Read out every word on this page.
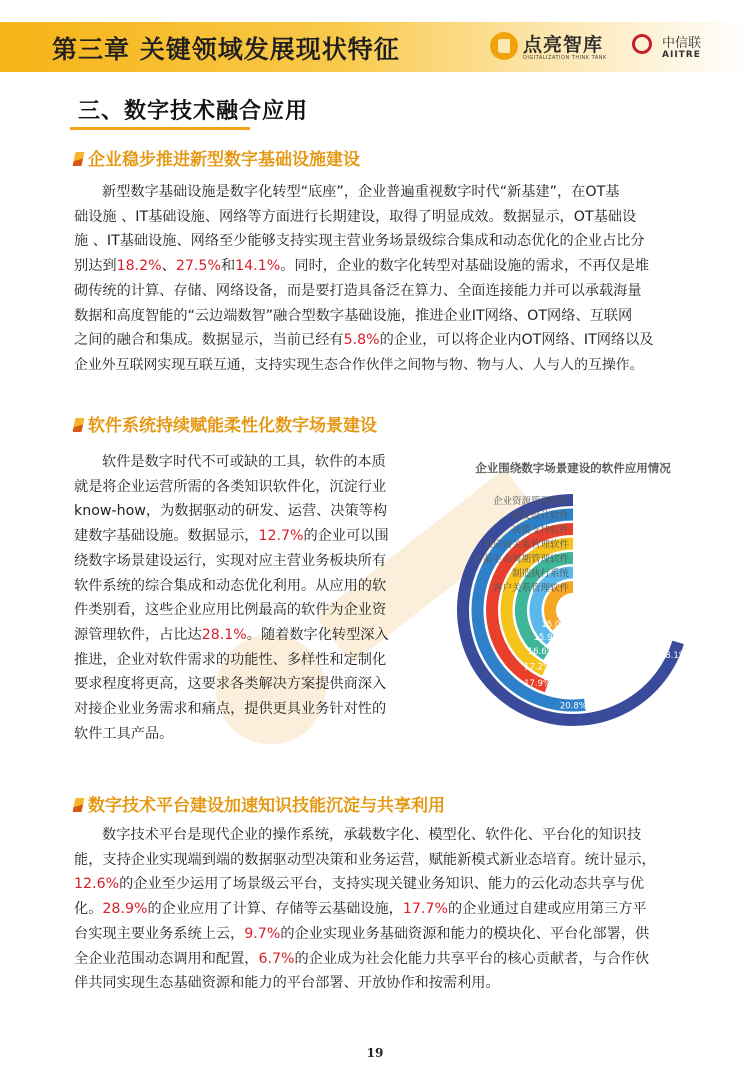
第三章 关键领域发展现状特征	点亮智库
DIGITALIZATION THINK TANK
中信联
AIITRE
三、数字技术融合应用
企业稳步推进新型数字基础设施建设
新型数字基础设施是数字化转型“底座”，企业普遍重视数字时代“新基建”，在OT基
础设施 、IT基础设施、网络等方面进行长期建设，取得了明显成效。数据显示，OT基础设
施 、IT基础设施、网络至少能够支持实现主营业务场景级综合集成和动态优化的企业占比分
别达到18.2%、27.5%和14.1%。同时，企业的数字化转型对基础设施的需求，不再仅是堆
砌传统的计算、存储、网络设备，而是要打造具备泛在算力、全面连接能力并可以承载海量
数据和高度智能的“云边端数智”融合型数字基础设施，推进企业IT网络、OT网络、互联网
之间的融合和集成。数据显示，当前已经有5.8%的企业，可以将企业内OT网络、IT网络以及
企业外互联网实现互联互通，支持实现生态合作伙伴之间物与物、物与人、人与人的互操作。
软件系统持续赋能柔性化数字场景建设
软件是数字时代不可或缺的工具，软件的本质
就是将企业运营所需的各类知识软件化，沉淀行业
know-how，为数据驱动的研发、运营、决策等构
建数字基础设施。数据显示，12.7%的企业可以围
绕数字场景建设运行，实现对应主营业务板块所有
软件系统的综合集成和动态优化利用。从应用的软
件类别看，这些企业应用比例最高的软件为企业资
源管理软件，占比达28.1%。随着数字化转型深入
推进，企业对软件需求的功能性、多样性和定制化
要求程度将更高，这要求各类解决方案提供商深入
对接企业业务需求和痛点，提供更具业务针对性的
软件工具产品。
企业围绕数字场景建设的软件应用情况
企业资源管理软件
28.1%
研发设计软件
20.8%
决策支持软件
17.9%
供应商关系管理软件
17.2%
产品生命周期管理软件
16.6%
制造执行系统
15.9%
客户关系管理软件
15.0%
数字技术平台建设加速知识技能沉淀与共享利用
数字技术平台是现代企业的操作系统，承载数字化、模型化、软件化、平台化的知识技
能，支持企业实现端到端的数据驱动型决策和业务运营，赋能新模式新业态培育。统计显示，
12.6%的企业至少运用了场景级云平台，支持实现关键业务知识、能力的云化动态共享与优
化。28.9%的企业应用了计算、存储等云基础设施，17.7%的企业通过自建或应用第三方平
台实现主要业务系统上云，9.7%的企业实现业务基础资源和能力的模块化、平台化部署，供
全企业范围动态调用和配置，6.7%的企业成为社会化能力共享平台的核心贡献者，与合作伙
伴共同实现生态基础资源和能力的平台部署、开放协作和按需利用。
19
